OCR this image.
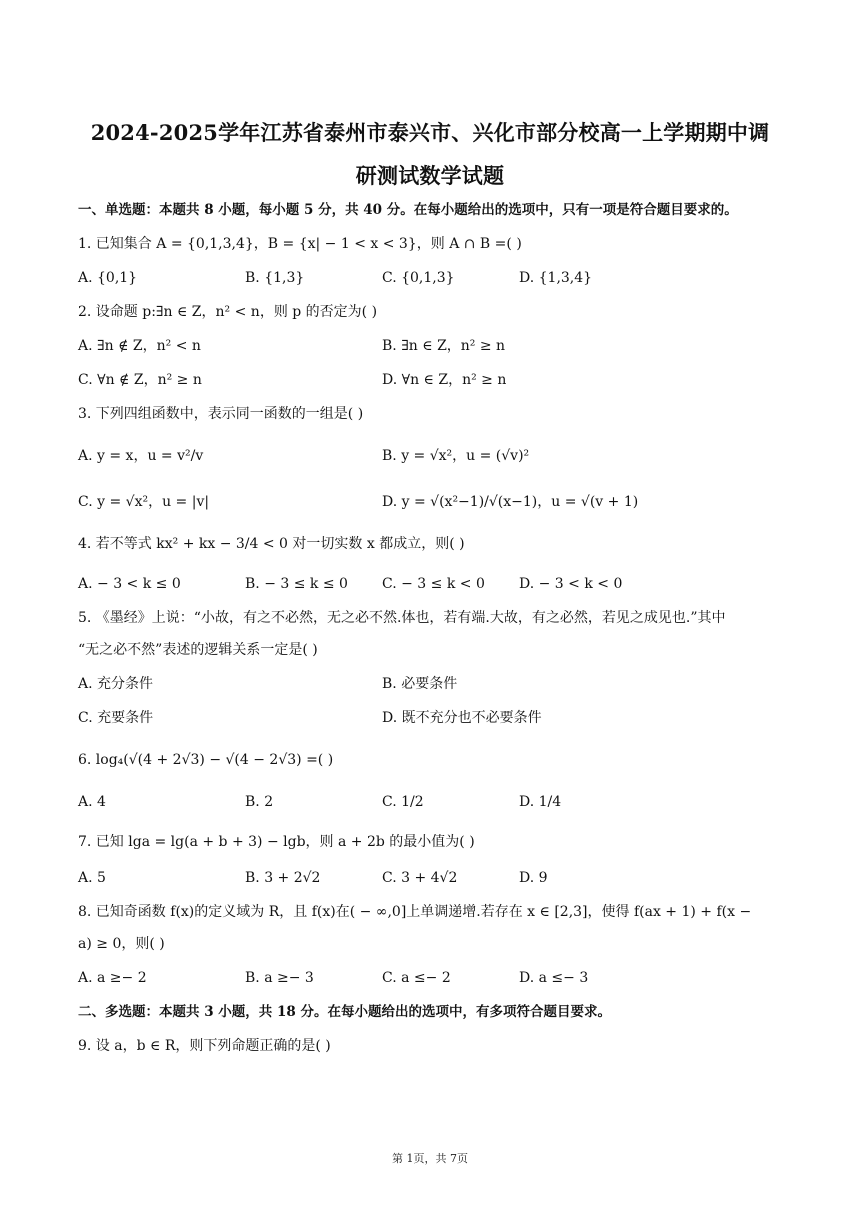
2024-2025学年江苏省泰州市泰兴市、兴化市部分校高一上学期期中调
研测试数学试题
一、单选题：本题共 8 小题，每小题 5 分，共 40 分。在每小题给出的选项中，只有一项是符合题目要求的。
1. 已知集合 A = {0,1,3,4}，B = {x| − 1 < x < 3}，则 A ∩ B =( )
A. {0,1}	B. {1,3}	C. {0,1,3}	D. {1,3,4}
2. 设命题 p:∃n ∈ Z，n² < n，则 p 的否定为( )
A. ∃n ∉ Z，n² < n	B. ∃n ∈ Z，n² ≥ n
C. ∀n ∉ Z，n² ≥ n	D. ∀n ∈ Z，n² ≥ n
3. 下列四组函数中，表示同一函数的一组是( )
A. y = x，u = v²/v	B. y = √x²，u = (√v)²
C. y = √x²，u = |v|	D. y = √(x²−1)/√(x−1)，u = √(v + 1)
4. 若不等式 kx² + kx − 3/4 < 0 对一切实数 x 都成立，则( )
A. − 3 < k ≤ 0	B. − 3 ≤ k ≤ 0 C. − 3 ≤ k < 0 D. − 3 < k < 0
5. 《墨经》上说：“小故，有之不必然，无之必不然.体也，若有端.大故，有之必然，若见之成见也.”其中
“无之必不然”表述的逻辑关系一定是( )
A. 充分条件	B. 必要条件
C. 充要条件	D. 既不充分也不必要条件
6. log₄(√(4 + 2√3) − √(4 − 2√3) =( )
A. 4	B. 2	C. 1/2	D. 1/4
7. 已知 lga = lg(a + b + 3) − lgb，则 a + 2b 的最小值为( )
A. 5	B. 3 + 2√2	C. 3 + 4√2	D. 9
8. 已知奇函数 f(x)的定义域为 R，且 f(x)在( − ∞,0]上单调递增.若存在 x ∈ [2,3]，使得 f(ax + 1) + f(x −
a) ≥ 0，则( )
A. a ≥− 2	B. a ≥− 3	C. a ≤− 2	D. a ≤− 3
二、多选题：本题共 3 小题，共 18 分。在每小题给出的选项中，有多项符合题目要求。
9. 设 a，b ∈ R，则下列命题正确的是( )
第 1页，共 7页
